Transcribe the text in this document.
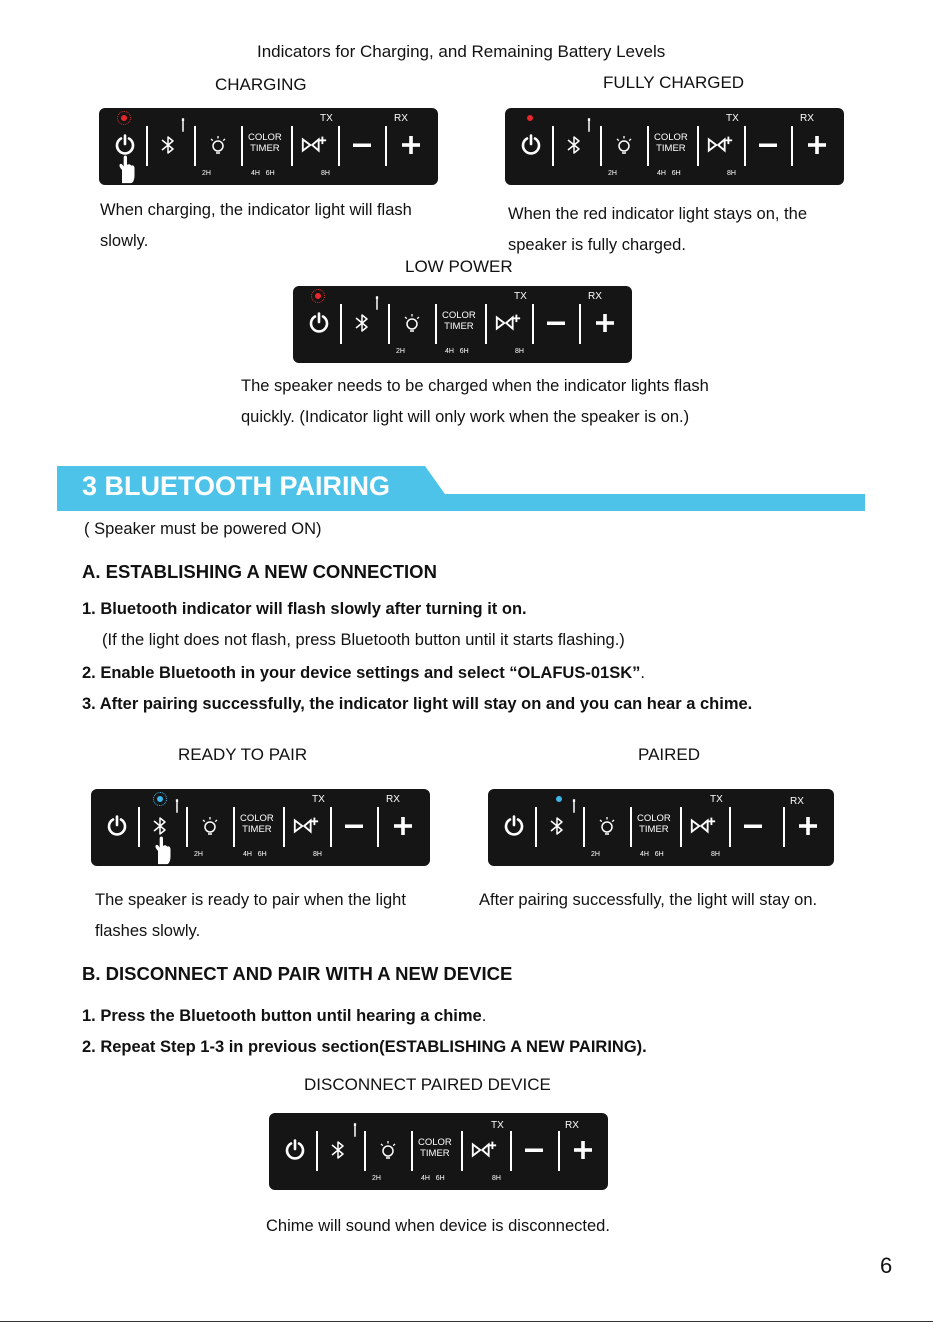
Indicators for Charging, and Remaining Battery Levels
CHARGING
COLOR
TIMER
TX	RX
2H	4H   6H	8H
When charging, the indicator light will flash
slowly.
FULLY CHARGED
COLOR
TIMER
TX	RX
2H	4H   6H	8H
When the red indicator light stays on, the
speaker is fully charged.
LOW POWER
COLOR
TIMER
TX	RX
2H	4H   6H	8H
The speaker needs to be charged when the indicator lights flash
quickly. (Indicator light will only work when the speaker is on.)
3 BLUETOOTH PAIRING
( Speaker must be powered ON)
A. ESTABLISHING A NEW CONNECTION
1. Bluetooth indicator will flash slowly after turning it on.
(If the light does not flash, press Bluetooth button until it starts flashing.)
2. Enable Bluetooth in your device settings and select “OLAFUS-01SK”.
3. After pairing successfully, the indicator light will stay on and you can hear a chime.
READY TO PAIR
COLOR
TIMER
TX	RX
2H	4H   6H	8H
The speaker is ready to pair when the light
flashes slowly.
PAIRED
COLOR
TIMER
TX	RX
2H	4H   6H	8H
After pairing successfully, the light will stay on.
B. DISCONNECT AND PAIR WITH A NEW DEVICE
1. Press the Bluetooth button until hearing a chime.
2. Repeat Step 1-3 in previous section(ESTABLISHING A NEW PAIRING).
DISCONNECT PAIRED DEVICE
COLOR
TIMER
TX	RX
2H	4H   6H	8H
Chime will sound when device is disconnected.
6
